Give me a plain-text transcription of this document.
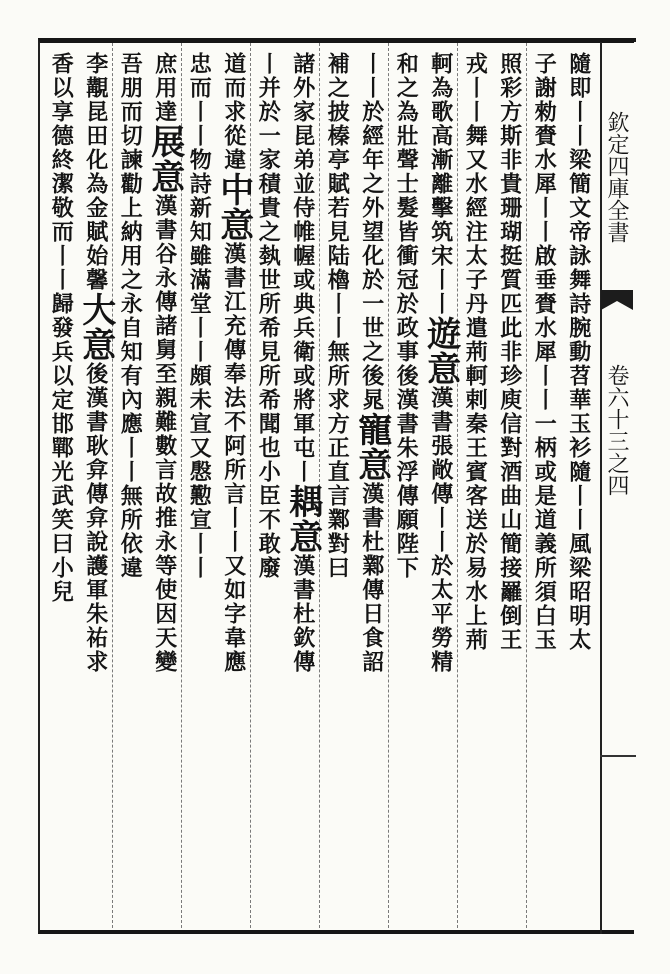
欽定四庫全書
卷六十三之四
隨即丨丨梁簡文帝詠舞詩腕動苕華玉衫隨丨丨風梁昭明太
子謝勑賚水犀丨丨啟垂賚水犀丨丨一柄或是道義所須白玉
照彩方斯非貴珊瑚挺質匹此非珍庾信對酒曲山簡接䍦倒王
戎丨丨舞又水經注太子丹遣荊軻剌秦王賓客送於易水上荊
軻為歌高漸離擊筑宋丨丨
遊意
漢書張敞傳丨丨於太平勞精
和之為壯聲士髮皆衝冠
於政事後漢書朱浮傳願陛下
丨丨於經年之外望化於一世之後晁
寵意
漢書杜鄴傳日食詔
補之披榛亭賦若見陆櫓丨丨無所
求方正直言鄴對曰
諸外家昆弟並侍帷幄或典兵衛或將軍屯丨
耦意
漢書杜欽傳
丨并於一家積貴之埶世所希見所希聞也
小臣不敢廢
道而求從違
中意
漢書江充傳奉法不阿所言丨丨又如字韋應
忠而丨丨
物詩新知雖滿堂丨丨頗未宣又慇懃宣丨丨
庶用達
展意
漢書谷永傳諸舅至親難數言故推永等使因天變
吾朋
而切諫勸上納用之永自知有內應丨丨無所依違
李覯昆田化為金賦始馨
大意
後漢書耿弇傳弇說護軍朱祐求
香以享德終潔敬而丨丨
歸發兵以定邯鄲光武笑曰小兒
